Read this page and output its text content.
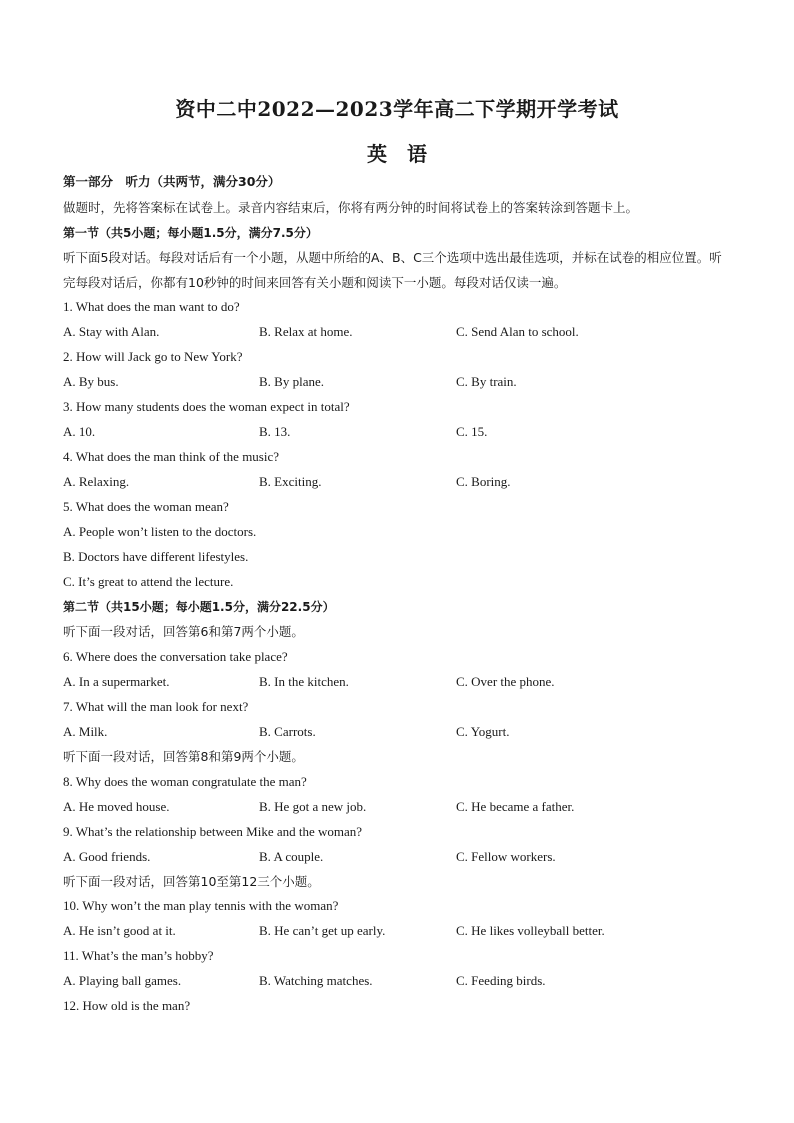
资中二中2022—2023学年高二下学期开学考试
英　语
第一部分　听力（共两节，满分30分）
做题时，先将答案标在试卷上。录音内容结束后，你将有两分钟的时间将试卷上的答案转涂到答题卡上。
第一节（共5小题；每小题1.5分，满分7.5分）
听下面5段对话。每段对话后有一个小题，从题中所给的A、B、C三个选项中选出最佳选项，并标在试卷的相应位置。听完每段对话后，你都有10秒钟的时间来回答有关小题和阅读下一小题。每段对话仅读一遍。
1. What does the man want to do?
A. Stay with Alan.	B. Relax at home.	C. Send Alan to school.
2. How will Jack go to New York?
A. By bus.	B. By plane.	C. By train.
3. How many students does the woman expect in total?
A. 10.	B. 13.	C. 15.
4. What does the man think of the music?
A. Relaxing.	B. Exciting.	C. Boring.
5. What does the woman mean?
A. People won’t listen to the doctors.
B. Doctors have different lifestyles.
C. It’s great to attend the lecture.
第二节（共15小题；每小题1.5分，满分22.5分）
听下面一段对话，回答第6和第7两个小题。
6. Where does the conversation take place?
A. In a supermarket.	B. In the kitchen.	C. Over the phone.
7. What will the man look for next?
A. Milk.	B. Carrots.	C. Yogurt.
听下面一段对话，回答第8和第9两个小题。
8. Why does the woman congratulate the man?
A. He moved house.	B. He got a new job.	C. He became a father.
9. What’s the relationship between Mike and the woman?
A. Good friends.	B. A couple.	C. Fellow workers.
听下面一段对话，回答第10至第12三个小题。
10. Why won’t the man play tennis with the woman?
A. He isn’t good at it.	B. He can’t get up early.	C. He likes volleyball better.
11. What’s the man’s hobby?
A. Playing ball games.	B. Watching matches.	C. Feeding birds.
12. How old is the man?
